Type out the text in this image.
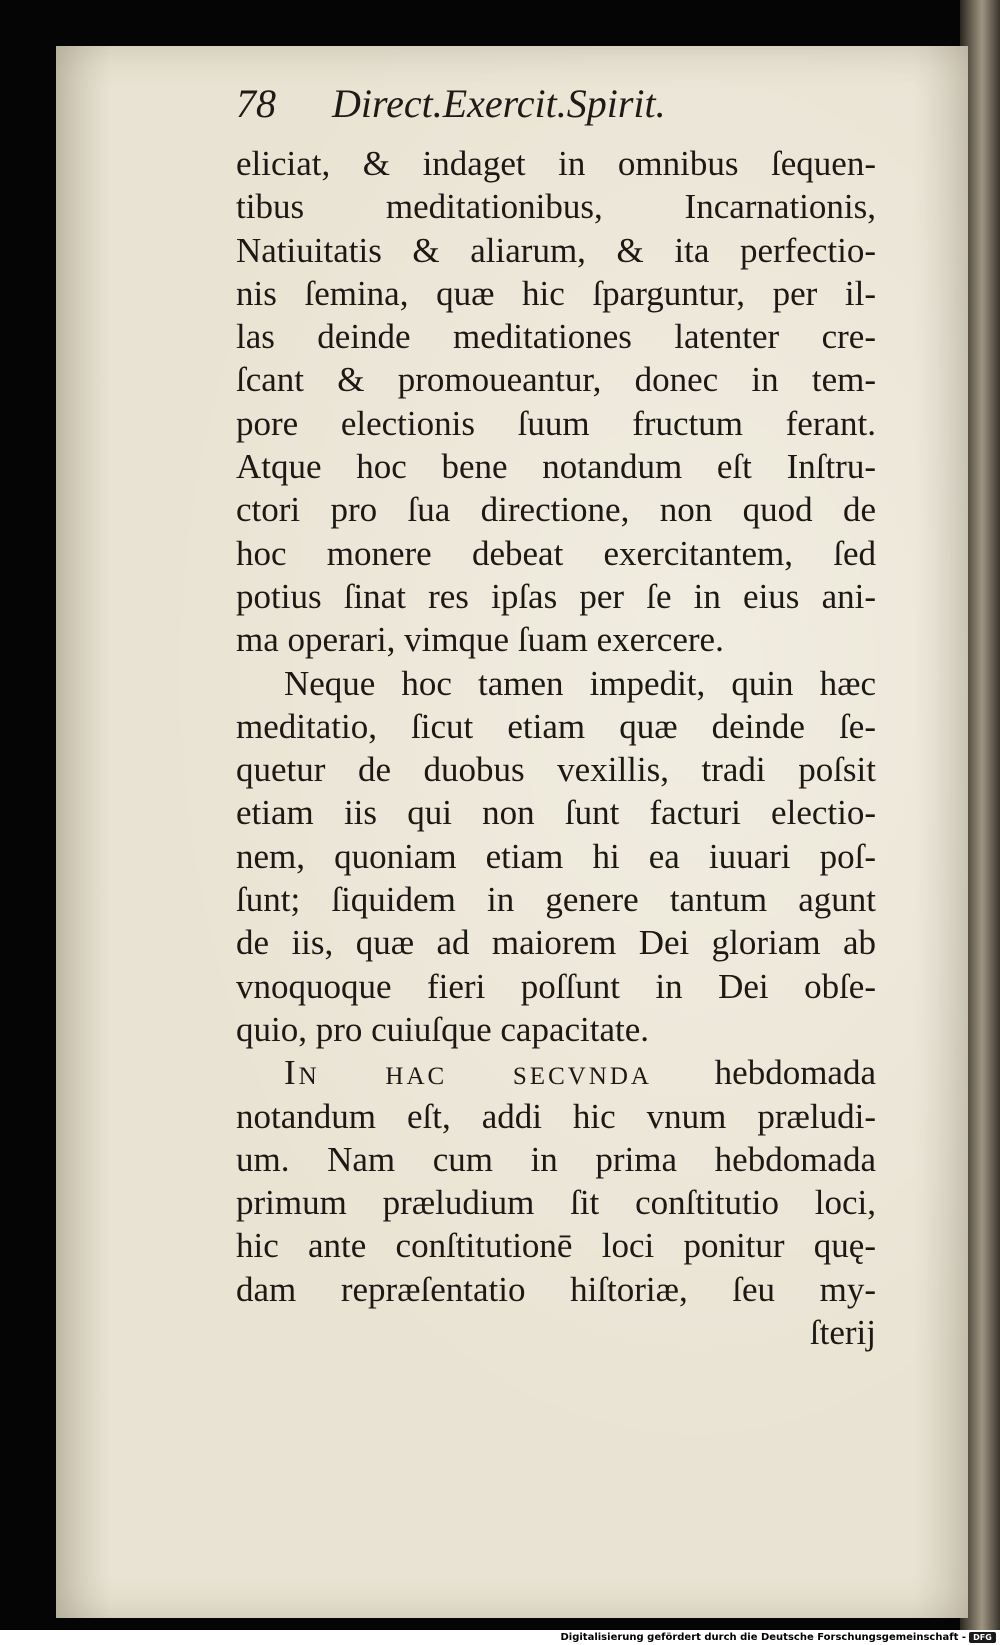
78 Direct.Exercit.Spirit.
eliciat, & indaget in omnibus ſequen-
tibus meditationibus, Incarnationis,
Natiuitatis & aliarum, & ita perfectio-
nis ſemina, quæ hic ſparguntur, per il-
las deinde meditationes latenter cre-
ſcant & promoueantur, donec in tem-
pore electionis ſuum fructum ferant.
Atque hoc bene notandum eſt Inſtru-
ctori pro ſua directione, non quod de
hoc monere debeat exercitantem, ſed
potius ſinat res ipſas per ſe in eius ani-
ma operari, vimque ſuam exercere.
Neque hoc tamen impedit, quin hæc
meditatio, ſicut etiam quæ deinde ſe-
quetur de duobus vexillis, tradi poſsit
etiam iis qui non ſunt facturi electio-
nem, quoniam etiam hi ea iuuari poſ-
ſunt; ſiquidem in genere tantum agunt
de iis, quæ ad maiorem Dei gloriam ab
vnoquoque fieri poſſunt in Dei obſe-
quio, pro cuiuſque capacitate.
In hac secvnda hebdomada
notandum eſt, addi hic vnum præludi-
um. Nam cum in prima hebdomada
primum præludium ſit conſtitutio loci,
hic ante conſtitutionē loci ponitur quę-
dam repræſentatio hiſtoriæ, ſeu my-
ſterij
Digitalisierung gefördert durch die Deutsche Forschungsgemeinschaft - DFG
